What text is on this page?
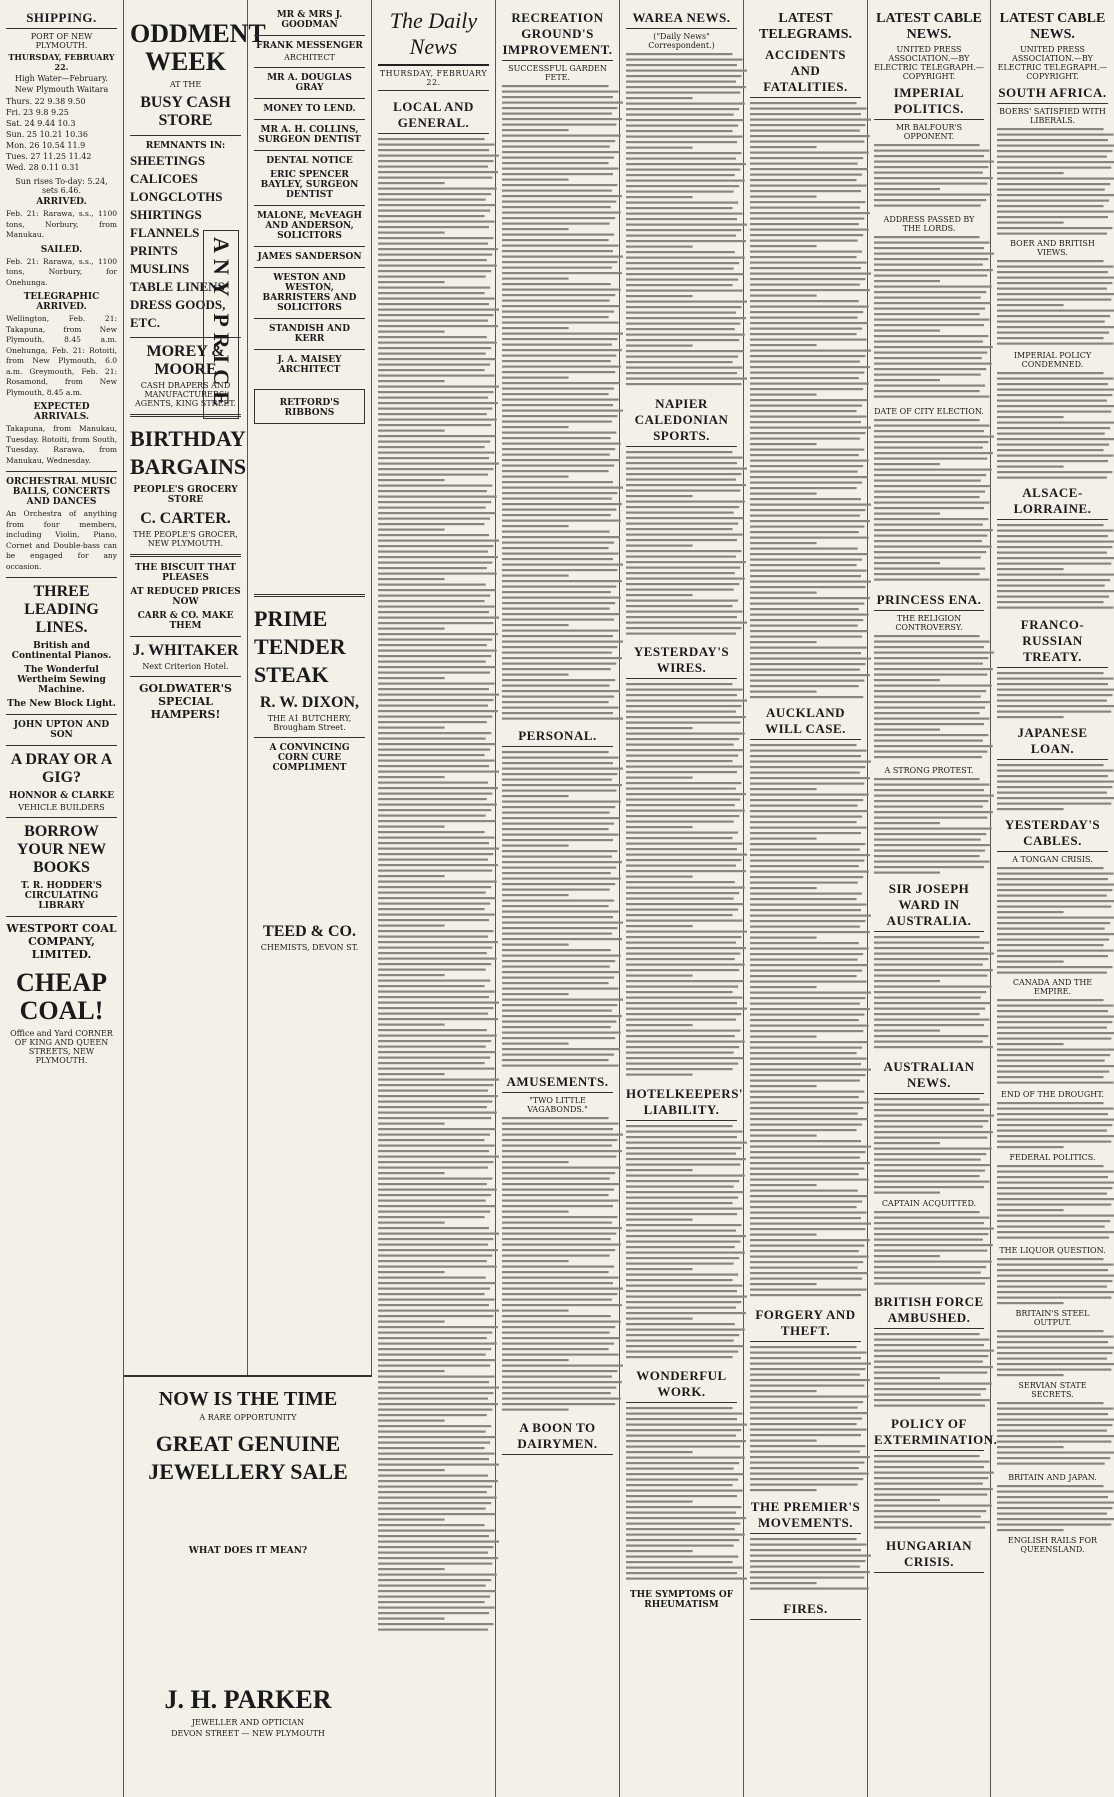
SHIPPING.
PORT OF NEW PLYMOUTH.
THURSDAY, FEBRUARY 22.
High Water—February.
New Plymouth Waitara
Thurs. 22 9.38 9.50
Fri. 23 9.8 9.25
Sat. 24 9.44 10.3
Sun. 25 10.21 10.36
Mon. 26 10.54 11.9
Tues. 27 11.25 11.42
Wed. 28 0.11 0.31
Sun rises To-day: 5.24, sets 6.46.
ARRIVED.

Feb. 21: Rarawa, s.s., 1100 tons, Norbury, from Manukau.

SAILED.

Feb. 21: Rarawa, s.s., 1100 tons, Norbury, for Onehunga.

TELEGRAPHIC ARRIVED.

Wellington, Feb. 21: Takapuna, from New Plymouth, 8.45 a.m. Onehunga, Feb. 21: Rotoiti, from New Plymouth, 6.0 a.m. Greymouth, Feb. 21: Rosamond, from New Plymouth, 8.45 a.m.

EXPECTED ARRIVALS.

Takapuna, from Manukau, Tuesday. Rotoiti, from South, Tuesday. Rarawa, from Manukau, Wednesday.

ORCHESTRAL MUSIC BALLS, CONCERTS AND DANCES

An Orchestra of anything from four members, including Violin, Piano, Cornet and Double-bass can be engaged for any occasion.

THREE LEADING LINES.
British and Continental Pianos.
The Wonderful Wertheim Sewing Machine.
The New Block Light.
JOHN UPTON AND SON
A DRAY OR A GIG?
HONNOR & CLARKE
VEHICLE BUILDERS
BORROW YOUR NEW BOOKS
T. R. HODDER'S CIRCULATING LIBRARY
WESTPORT COAL COMPANY, LIMITED.
CHEAP COAL!
Office and Yard CORNER OF KING AND QUEEN STREETS, NEW PLYMOUTH.
ODDMENT WEEK
AT THE
BUSY CASH STORE
REMNANTS IN:
SHEETINGS
CALICOES
LONGCLOTHS
SHIRTINGS
FLANNELS
PRINTS
MUSLINS
TABLE LINENS
DRESS GOODS, ETC.	ANY PRICE
MOREY & MOORE
CASH DRAPERS AND MANUFACTURERS' AGENTS, KING STREET.
BIRTHDAY BARGAINS
PEOPLE'S GROCERY STORE
C. CARTER.
THE PEOPLE'S GROCER, NEW PLYMOUTH.
THE BISCUIT THAT PLEASES
AT REDUCED PRICES NOW
CARR & CO. MAKE THEM
J. WHITAKER
Next Criterion Hotel.
GOLDWATER'S SPECIAL HAMPERS!
MR & MRS J. GOODMAN
FRANK MESSENGER
ARCHITECT
MR A. DOUGLAS GRAY
MONEY TO LEND.
MR A. H. COLLINS, SURGEON DENTIST
DENTAL NOTICE
ERIC SPENCER BAYLEY, SURGEON DENTIST
MALONE, McVEAGH AND ANDERSON, SOLICITORS
JAMES SANDERSON
WESTON AND WESTON, BARRISTERS AND SOLICITORS
STANDISH AND KERR
J. A. MAISEY ARCHITECT
RETFORD'S RIBBONS
PRIME TENDER STEAK
R. W. DIXON,
THE A1 BUTCHERY, Brougham Street.
A CONVINCING CORN CURE COMPLIMENT
TEED & CO.
CHEMISTS, DEVON ST.
NOW IS THE TIME
A RARE OPPORTUNITY
GREAT GENUINE JEWELLERY SALE
WHAT DOES IT MEAN?
J. H. PARKER
JEWELLER AND OPTICIAN
DEVON STREET — NEW PLYMOUTH
The Daily News
THURSDAY, FEBRUARY 22.
LOCAL AND GENERAL.
RECREATION GROUND'S IMPROVEMENT.
SUCCESSFUL GARDEN FETE.
PERSONAL.
AMUSEMENTS.
"TWO LITTLE VAGABONDS."
A BOON TO DAIRYMEN.
WAREA NEWS.
("Daily News" Correspondent.)
NAPIER CALEDONIAN SPORTS.
YESTERDAY'S WIRES.
HOTELKEEPERS' LIABILITY.
WONDERFUL WORK.
THE SYMPTOMS OF RHEUMATISM
LATEST TELEGRAMS.
ACCIDENTS AND FATALITIES.
AUCKLAND WILL CASE.
FORGERY AND THEFT.
THE PREMIER'S MOVEMENTS.
FIRES.
LATEST CABLE NEWS.
UNITED PRESS ASSOCIATION.—BY ELECTRIC TELEGRAPH.—COPYRIGHT.
IMPERIAL POLITICS.
MR BALFOUR'S OPPONENT.
ADDRESS PASSED BY THE LORDS.
DATE OF CITY ELECTION.
PRINCESS ENA.
THE RELIGION CONTROVERSY.
A STRONG PROTEST.
SIR JOSEPH WARD IN AUSTRALIA.
AUSTRALIAN NEWS.
CAPTAIN ACQUITTED.
BRITISH FORCE AMBUSHED.
POLICY OF EXTERMINATION.
HUNGARIAN CRISIS.
LATEST CABLE NEWS.
UNITED PRESS ASSOCIATION.—BY ELECTRIC TELEGRAPH.—COPYRIGHT.
SOUTH AFRICA.
BOERS' SATISFIED WITH LIBERALS.
BOER AND BRITISH VIEWS.
IMPERIAL POLICY CONDEMNED.
ALSACE-LORRAINE.
FRANCO-RUSSIAN TREATY.
JAPANESE LOAN.
YESTERDAY'S CABLES.
A TONGAN CRISIS.
CANADA AND THE EMPIRE.
END OF THE DROUGHT.
FEDERAL POLITICS.
THE LIQUOR QUESTION.
BRITAIN'S STEEL OUTPUT.
SERVIAN STATE SECRETS.
BRITAIN AND JAPAN.
ENGLISH RAILS FOR QUEENSLAND.
